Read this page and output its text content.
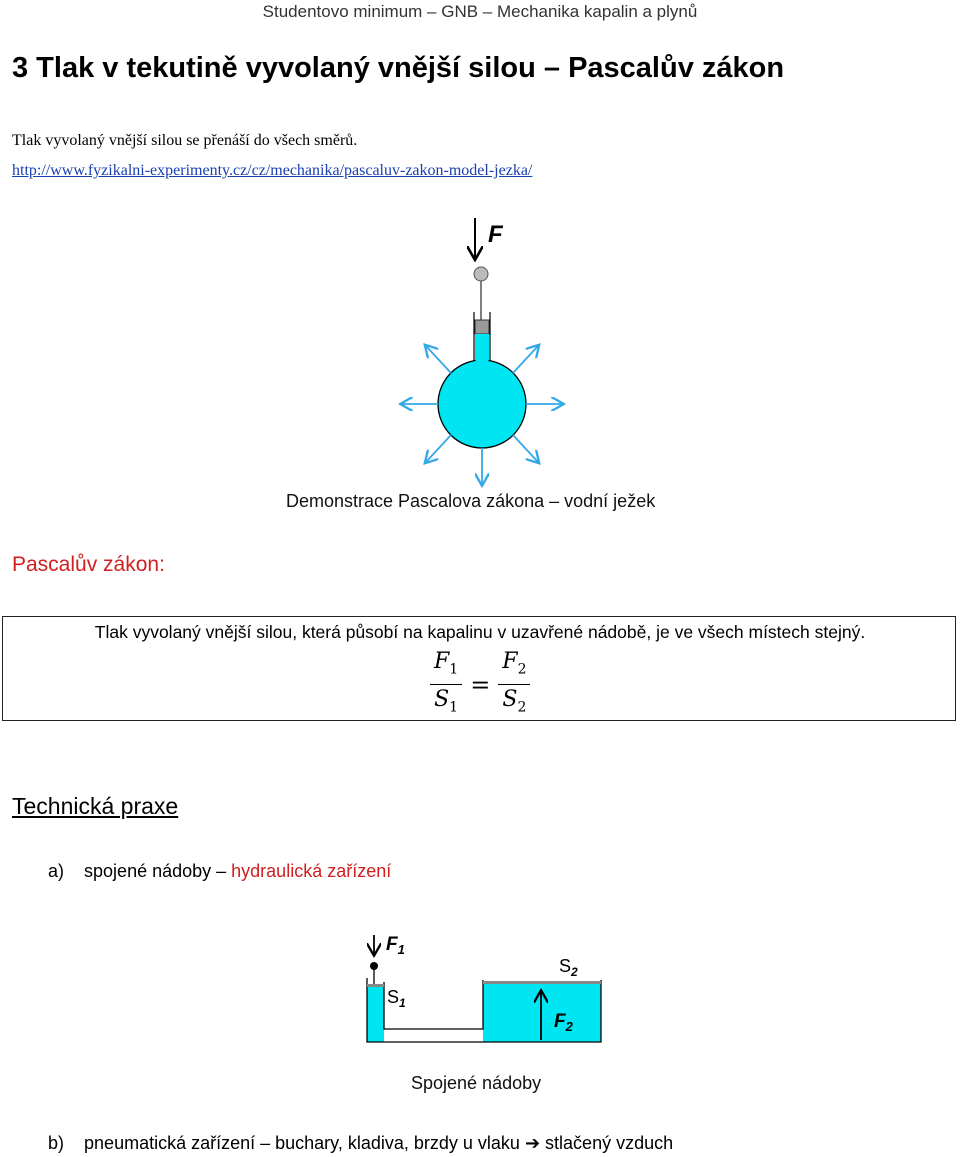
Studentovo minimum – GNB – Mechanika kapalin a plynů
3 Tlak v tekutině vyvolaný vnější silou – Pascalův zákon
Tlak vyvolaný vnější silou se přenáší do všech směrů.
http://www.fyzikalni-experimenty.cz/cz/mechanika/pascaluv-zakon-model-jezka/
F
Demonstrace Pascalova zákona – vodní ježek
Pascalův zákon:
Tlak vyvolaný vnější silou, která působí na kapalinu v uzavřené nádobě, je ve všech místech stejný.
$\frac{F_1}{S_1} = \frac{F_2}{S_2}$
Technická praxe
a) spojené nádoby – hydraulická zařízení
$F_1$
$S_1$
$S_2$
$F_2$
Spojené nádoby
b) pneumatická zařízení – buchary, kladiva, brzdy u vlaku ➔ stlačený vzduch
